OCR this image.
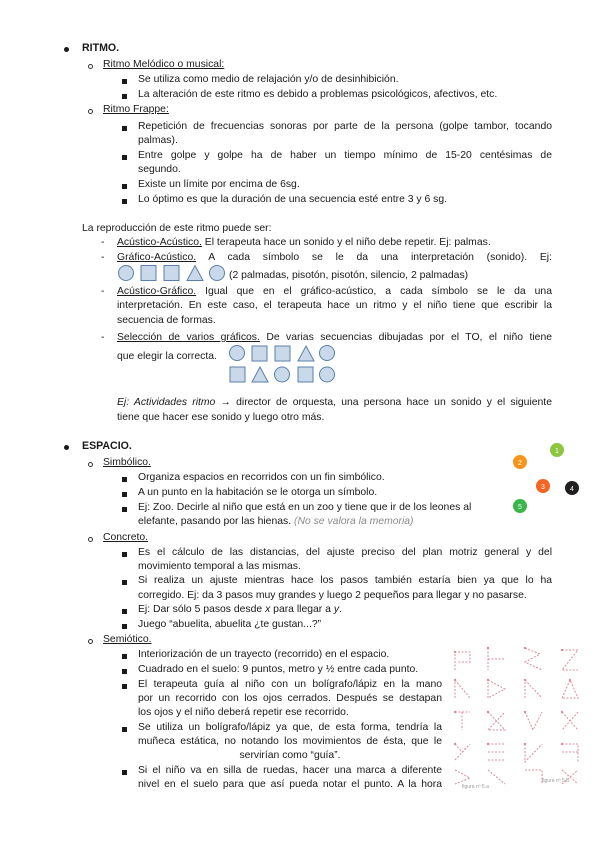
RITMO.
Ritmo Melódico o musical:
Se utiliza como medio de relajación y/o de desinhibición.
La alteración de este ritmo es debido a problemas psicológicos, afectivos, etc.
Ritmo Frappe:
Repetición de frecuencias sonoras por parte de la persona (golpe tambor, tocando
palmas).
Entre golpe y golpe ha de haber un tiempo mínimo de 15-20 centésimas de
segundo.
Existe un límite por encima de 6sg.
Lo óptimo es que la duración de una secuencia esté entre 3 y 6 sg.
La reproducción de este ritmo puede ser:
- Acústico-Acústico. El terapeuta hace un sonido y el niño debe repetir. Ej: palmas.
- Gráfico-Acústico. A cada símbolo se le da una interpretación (sonido). Ej:
(2 palmadas, pisotón, pisotón, silencio, 2 palmadas)
- Acústico-Gráfico. Igual que en el gráfico-acústico, a cada símbolo se le da una
interpretación. En este caso, el terapeuta hace un ritmo y el niño tiene que escribir la
secuencia de formas.
- Selección de varios gráficos. De varias secuencias dibujadas por el TO, el niño tiene
que elegir la correcta.
Ej: Actividades ritmo → director de orquesta, una persona hace un sonido y el siguiente
tiene que hacer ese sonido y luego otro más.
ESPACIO.	1
2
3	4
5
Simbólico.
Organiza espacios en recorridos con un fin simbólico.
A un punto en la habitación se le otorga un símbolo.
Ej: Zoo. Decirle al niño que está en un zoo y tiene que ir de los leones al
elefante, pasando por las hienas. (No se valora la memoria)
Concreto.
Es el cálculo de las distancias, del ajuste preciso del plan motriz general y del
movimiento temporal a las mismas.
Si realiza un ajuste mientras hace los pasos también estaría bien ya que lo ha
corregido. Ej: da 3 pasos muy grandes y luego 2 pequeños para llegar y no pasarse.
Ej: Dar sólo 5 pasos desde x para llegar a y.
Juego “abuelita, abuelita ¿te gustan...?”
Semiótico.
Interiorización de un trayecto (recorrido) en el espacio.
Cuadrado en el suelo: 9 puntos, metro y ½ entre cada punto.
El terapeuta guía al niño con un bolígrafo/lápiz en la mano
por un recorrido con los ojos cerrados. Después se destapan
los ojos y el niño deberá repetir ese recorrido.
Se utiliza un bolígrafo/lápiz ya que, de esta forma, tendría la
muñeca estática, no notando los movimientos de ésta, que le
servirían como “guía”.
Si el niño va en silla de ruedas, hacer una marca a diferente
nivel en el suelo para que así pueda notar el punto. A la hora	figura nº 5.a
figura nº 5.b
